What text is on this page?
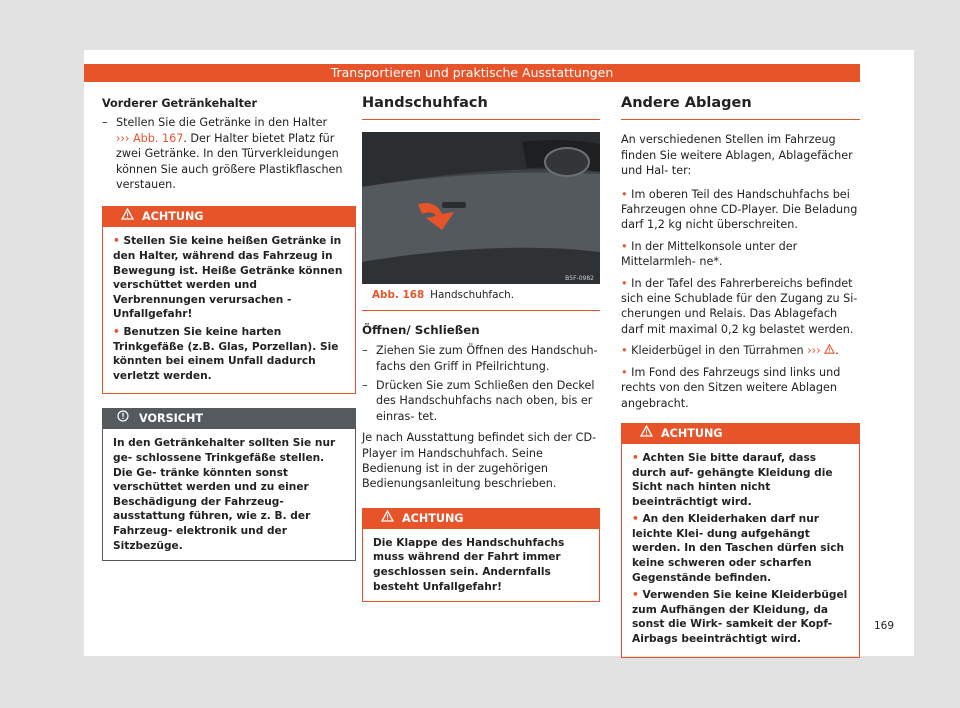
Transportieren und praktische Ausstattungen
Vorderer Getränkehalter
– Stellen Sie die Getränke in den Halter
››› Abb. 167. Der Halter bietet Platz für zwei Getränke. In den Türverkleidungen können Sie auch größere Plastikflaschen verstauen.
ACHTUNG

• Stellen Sie keine heißen Getränke in den Halter, während das Fahrzeug in Bewegung ist. Heiße Getränke können verschüttet werden und Verbrennungen verursachen - Unfallgefahr!

• Benutzen Sie keine harten Trinkgefäße (z.B. Glas, Porzellan). Sie könnten bei einem Unfall dadurch verletzt werden.

VORSICHT
In den Getränkehalter sollten Sie nur ge- schlossene Trinkgefäße stellen. Die Ge- tränke könnten sonst verschüttet werden und zu einer Beschädigung der Fahrzeug- ausstattung führen, wie z. B. der Fahrzeug- elektronik und der Sitzbezüge.
Handschuhfach
B5F-0982
Abb. 168 Handschuhfach.
Öffnen/ Schließen
– Ziehen Sie zum Öffnen des Handschuh- fachs den Griff in Pfeilrichtung.
– Drücken Sie zum Schließen den Deckel des Handschuhfachs nach oben, bis er einras- tet.
Je nach Ausstattung befindet sich der CD- Player im Handschuhfach. Seine Bedienung ist in der zugehörigen Bedienungsanleitung beschrieben.
ACHTUNG
Die Klappe des Handschuhfachs muss während der Fahrt immer geschlossen sein. Andernfalls besteht Unfallgefahr!
Andere Ablagen
An verschiedenen Stellen im Fahrzeug finden Sie weitere Ablagen, Ablagefächer und Hal- ter:
• Im oberen Teil des Handschuhfachs bei Fahrzeugen ohne CD-Player. Die Beladung darf 1,2 kg nicht überschreiten.
• In der Mittelkonsole unter der Mittelarmleh- ne*.
• In der Tafel des Fahrerbereichs befindet sich eine Schublade für den Zugang zu Si- cherungen und Relais. Das Ablagefach darf mit maximal 0,2 kg belastet werden.
• Kleiderbügel in den Türrahmen ››› .
• Im Fond des Fahrzeugs sind links und rechts von den Sitzen weitere Ablagen angebracht.
ACHTUNG

• Achten Sie bitte darauf, dass durch auf- gehängte Kleidung die Sicht nach hinten nicht beeinträchtigt wird.

• An den Kleiderhaken darf nur leichte Klei- dung aufgehängt werden. In den Taschen dürfen sich keine schweren oder scharfen Gegenstände befinden.

• Verwenden Sie keine Kleiderbügel zum Aufhängen der Kleidung, da sonst die Wirk- samkeit der Kopf-Airbags beeinträchtigt wird.

169
